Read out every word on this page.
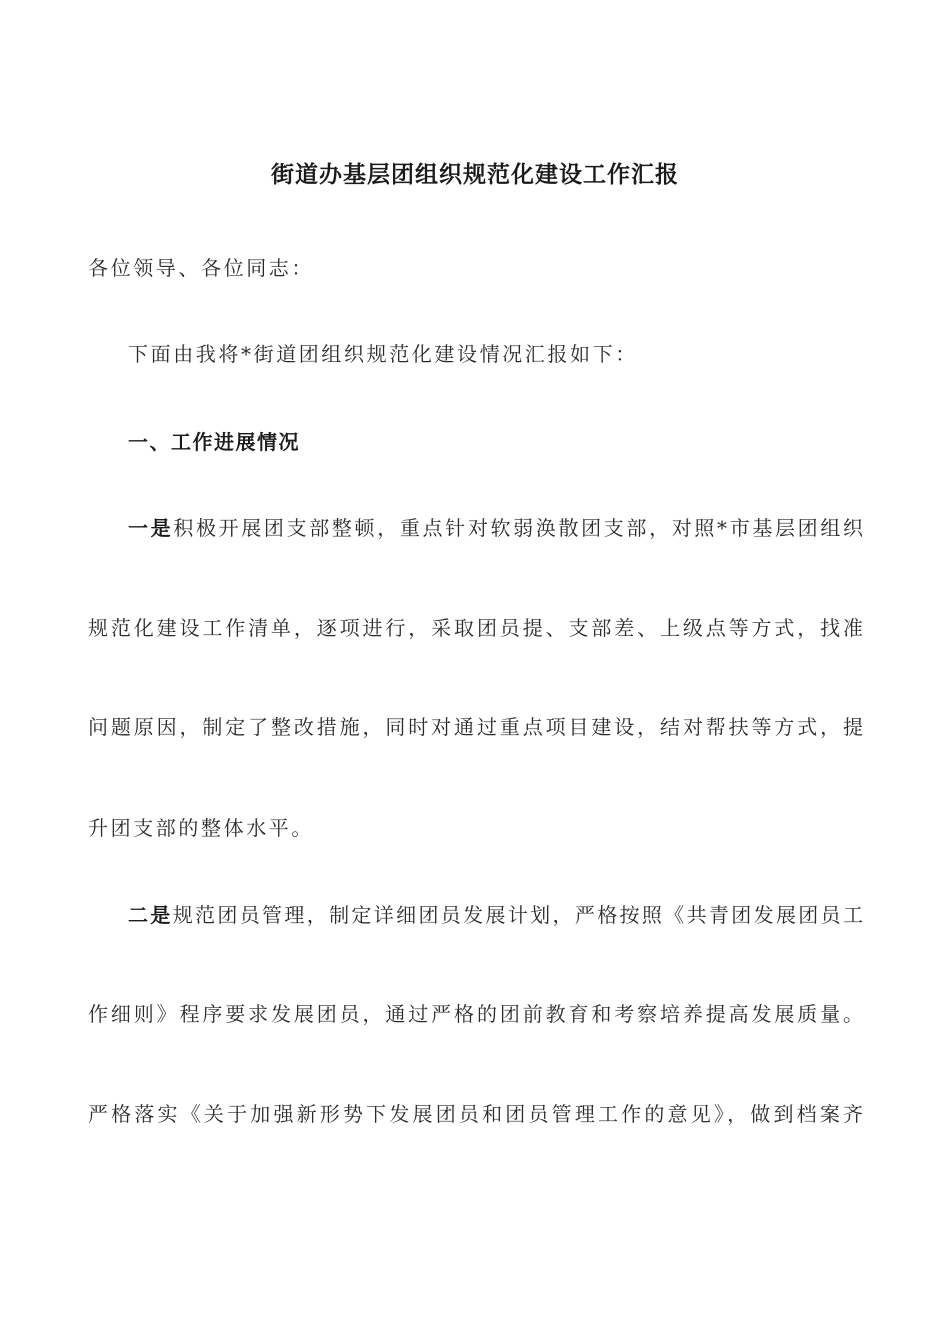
街道办基层团组织规范化建设工作汇报
各位领导、各位同志：
下面由我将*街道团组织规范化建设情况汇报如下：
一、工作进展情况
一是积极开展团支部整顿，重点针对软弱涣散团支部，对照*市基层团组织
规范化建设工作清单，逐项进行，采取团员提、支部差、上级点等方式，找准
问题原因，制定了整改措施，同时对通过重点项目建设，结对帮扶等方式，提
升团支部的整体水平。
二是规范团员管理，制定详细团员发展计划，严格按照《共青团发展团员工
作细则》程序要求发展团员，通过严格的团前教育和考察培养提高发展质量。
严格落实《关于加强新形势下发展团员和团员管理工作的意见》，做到档案齐
